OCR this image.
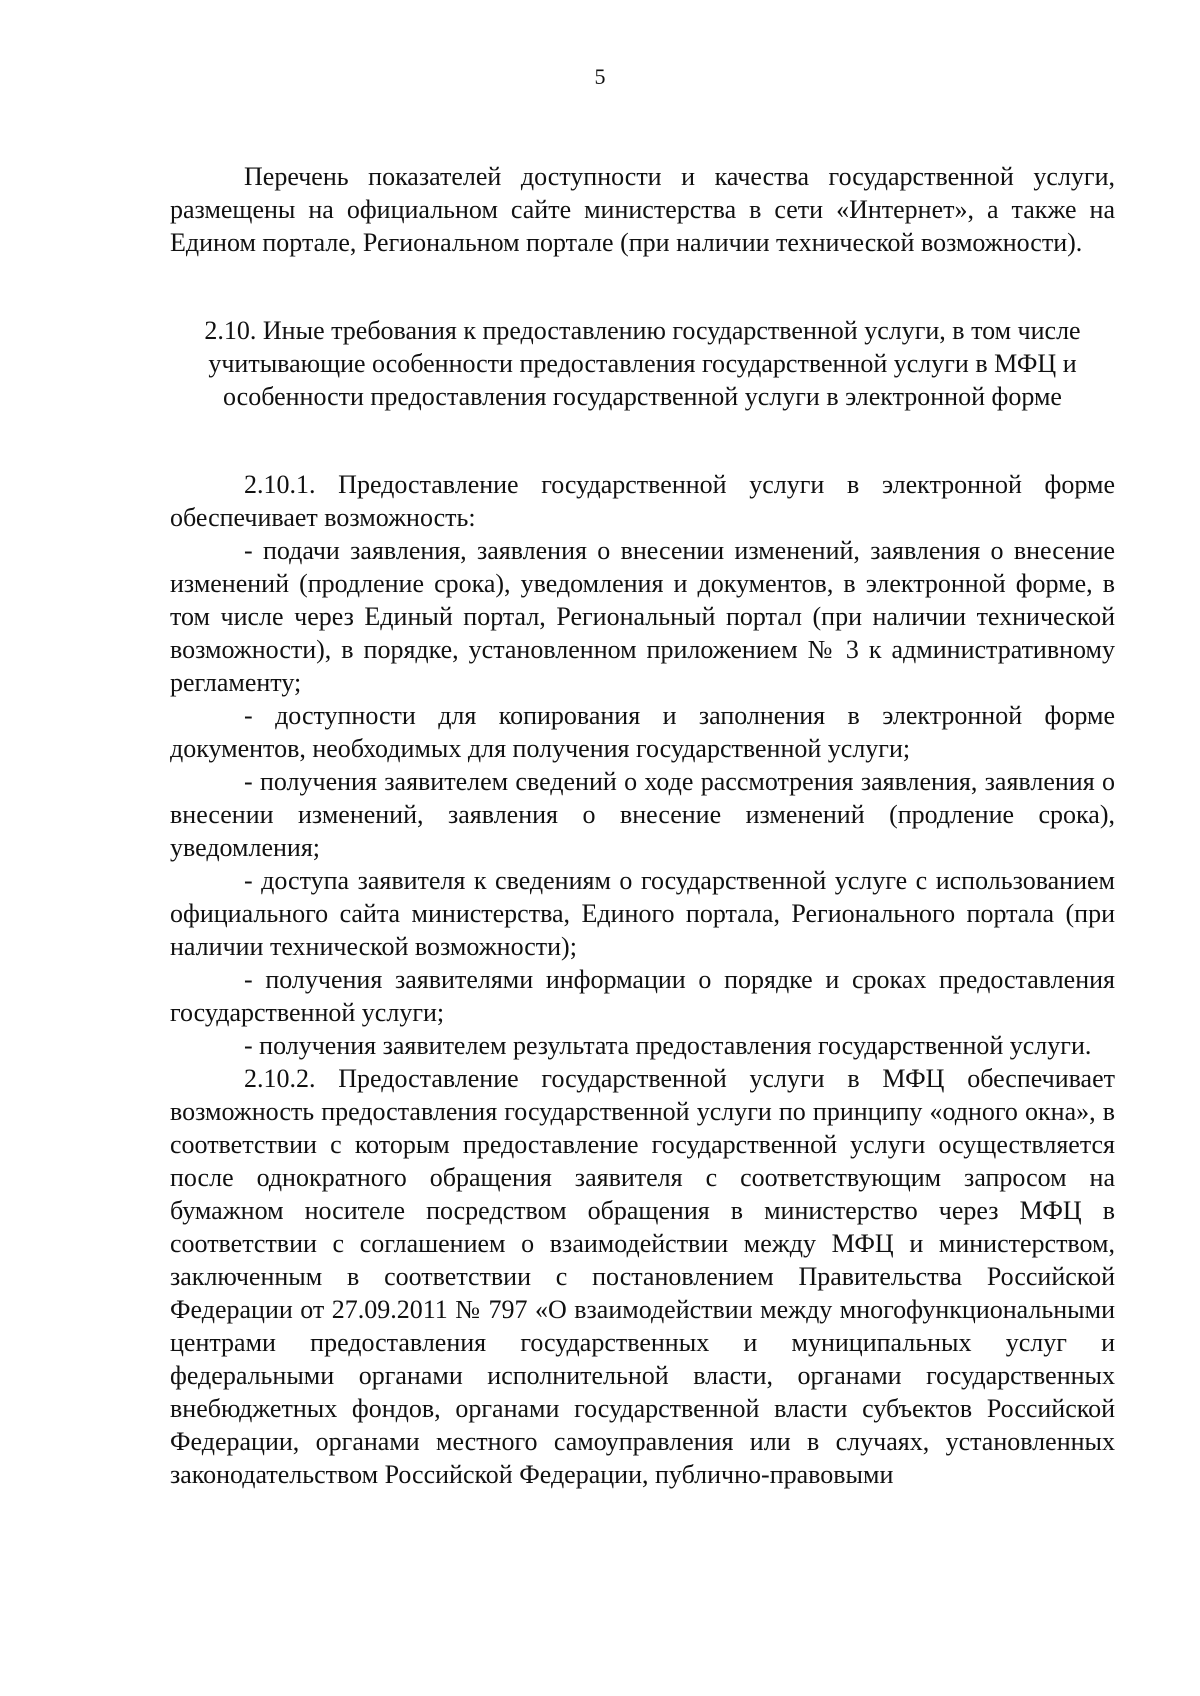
5

Перечень показателей доступности и качества государственной услуги, размещены на официальном сайте министерства в сети «Интернет», а также на Едином портале, Региональном портале (при наличии технической возможности).

2.10. Иные требования к предоставлению государственной услуги, в том числе учитывающие особенности предоставления государственной услуги в МФЦ и особенности предоставления государственной услуги в электронной форме

2.10.1. Предоставление государственной услуги в электронной форме обеспечивает возможность:

- подачи заявления, заявления о внесении изменений, заявления о внесение изменений (продление срока), уведомления и документов, в электронной форме, в том числе через Единый портал, Региональный портал (при наличии технической возможности), в порядке, установленном приложением № 3 к административному регламенту;

- доступности для копирования и заполнения в электронной форме документов, необходимых для получения государственной услуги;

- получения заявителем сведений о ходе рассмотрения заявления, заявления о внесении изменений, заявления о внесение изменений (продление срока), уведомления;

- доступа заявителя к сведениям о государственной услуге с использованием официального сайта министерства, Единого портала, Регионального портала (при наличии технической возможности);

- получения заявителями информации о порядке и сроках предоставления государственной услуги;

- получения заявителем результата предоставления государственной услуги.

2.10.2. Предоставление государственной услуги в МФЦ обеспечивает возможность предоставления государственной услуги по принципу «одного окна», в соответствии с которым предоставление государственной услуги осуществляется после однократного обращения заявителя с соответствующим запросом на бумажном носителе посредством обращения в министерство через МФЦ в соответствии с соглашением о взаимодействии между МФЦ и министерством, заключенным в соответствии с постановлением Правительства Российской Федерации от 27.09.2011 № 797 «О взаимодействии между многофункциональными центрами предоставления государственных и муниципальных услуг и федеральными органами исполнительной власти, органами государственных внебюджетных фондов, органами государственной власти субъектов Российской Федерации, органами местного самоуправления или в случаях, установленных законодательством Российской Федерации, публично-правовыми
